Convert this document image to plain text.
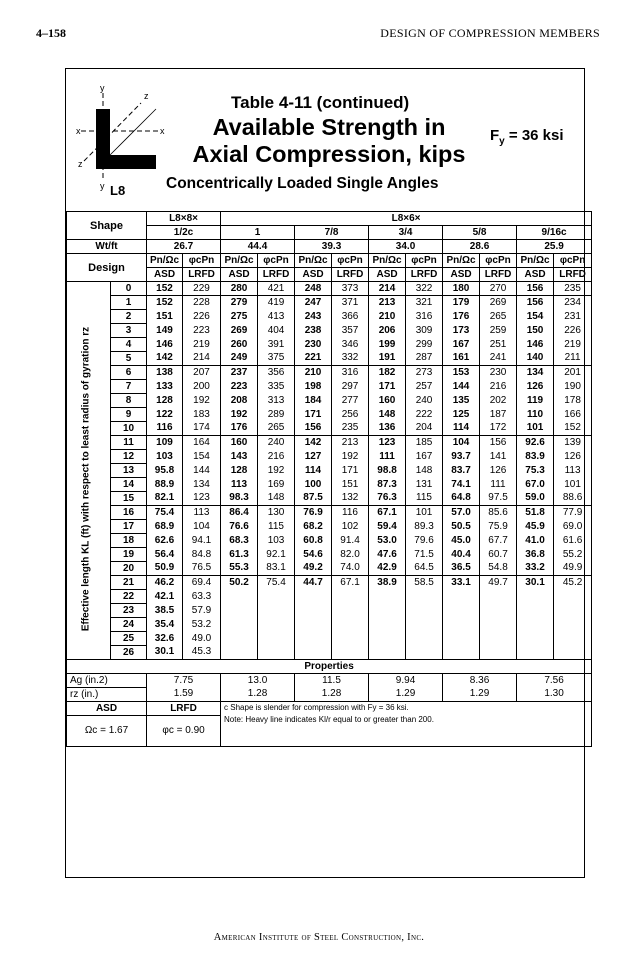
4–158	DESIGN OF COMPRESSION MEMBERS
y
z
x	x
z
y
Table 4-11 (continued)
Available Strength in
Axial Compression, kips
$F_y = 36$ ksi
Concentrically Loaded Single Angles
L8
Shape		L8×8×		L8×6×									
		1/2c		1		7/8		3/4		5/8		9/16c	
Wt/ft		26.7		44.4		39.3		34.0		28.6		25.9	
Design		Pn/Ωc	φcPn	Pn/Ωc	φcPn	Pn/Ωc	φcPn	Pn/Ωc	φcPn	Pn/Ωc	φcPn	Pn/Ωc	φcPn
		ASD	LRFD	ASD	LRFD	ASD	LRFD	ASD	LRFD	ASD	LRFD	ASD	LRFD
	0	152	229	280	421	248	373	214	322	180	270	156	235
	1	152	228	279	419	247	371	213	321	179	269	156	234
	2	151	226	275	413	243	366	210	316	176	265	154	231
	3	149	223	269	404	238	357	206	309	173	259	150	226
	4	146	219	260	391	230	346	199	299	167	251	146	219
	5	142	214	249	375	221	332	191	287	161	241	140	211
	6	138	207	237	356	210	316	182	273	153	230	134	201
	7	133	200	223	335	198	297	171	257	144	216	126	190
	8	128	192	208	313	184	277	160	240	135	202	119	178
	9	122	183	192	289	171	256	148	222	125	187	110	166
	10	116	174	176	265	156	235	136	204	114	172	101	152
	11	109	164	160	240	142	213	123	185	104	156	92.6	139
	12	103	154	143	216	127	192	111	167	93.7	141	83.9	126
	13	95.8	144	128	192	114	171	98.8	148	83.7	126	75.3	113
	14	88.9	134	113	169	100	151	87.3	131	74.1	111	67.0	101
	15	82.1	123	98.3	148	87.5	132	76.3	115	64.8	97.5	59.0	88.6
	16	75.4	113	86.4	130	76.9	116	67.1	101	57.0	85.6	51.8	77.9
	17	68.9	104	76.6	115	68.2	102	59.4	89.3	50.5	75.9	45.9	69.0
	18	62.6	94.1	68.3	103	60.8	91.4	53.0	79.6	45.0	67.7	41.0	61.6
	19	56.4	84.8	61.3	92.1	54.6	82.0	47.6	71.5	40.4	60.7	36.8	55.2
	20	50.9	76.5	55.3	83.1	49.2	74.0	42.9	64.5	36.5	54.8	33.2	49.9
	21	46.2	69.4	50.2	75.4	44.7	67.1	38.9	58.5	33.1	49.7	30.1	45.2
	22	42.1	63.3										
	23	38.5	57.9										
	24	35.4	53.2										
	25	32.6	49.0										
	26	30.1	45.3										
Properties													
Ag (in.2)		7.75		13.0		11.5		9.94		8.36		7.56	
rz (in.)		1.59		1.28		1.28		1.29		1.29		1.30	
ASD		LRFD		c Shape is slender for compression with Fy = 36 ksi.
Note: Heavy line indicates Kl/r equal to or greater than 200.									

Ωc = 1.67		φc = 0.90											
Effective length KL (ft) with respect to least radius of gyration rz
American Institute of Steel Construction, Inc.
